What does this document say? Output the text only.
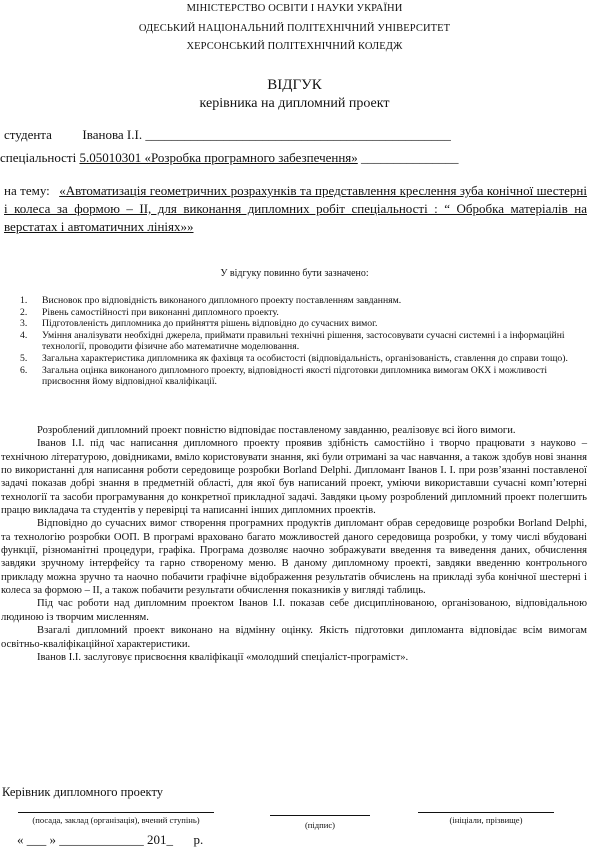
МІНІСТЕРСТВО ОСВІТИ І НАУКИ УКРАЇНИ
ОДЕСЬКИЙ НАЦІОНАЛЬНИЙ ПОЛІТЕХНІЧНИЙ УНІВЕРСИТЕТ
ХЕРСОНСЬКИЙ ПОЛІТЕХНІЧНИЙ КОЛЕДЖ
ВІДГУК
керівника на дипломний проект
студента Іванова І.І. _______________________________________________
спеціальності 5.05010301 «Розробка програмного забезпечення» _______________
на тему: «Автоматизація геометричних розрахунків та представлення креслення зуба конічної шестерні і колеса за формою – ІІ, для виконання дипломних робіт спеціальності : “ Обробка матеріалів на верстатах і автоматичних лініях»»
У відгуку повинно бути зазначено:
1. Висновок про відповідність виконаного дипломного проекту поставленням завданням.
2. Рівень самостійності при виконанні дипломного проекту.
3. Підготовленість дипломника до прийняття рішень відповідно до сучасних вимог.
4. Уміння аналізувати необхідні джерела, приймати правильні технічні рішення, застосовувати сучасні системні і а інформаційні технології, проводити фізичне або математичне моделювання.
5. Загальна характеристика дипломника як фахівця та особистості (відповідальність, організованість, ставлення до справи тощо).
6. Загальна оцінка виконаного дипломного проекту, відповідності якості підготовки дипломника вимогам ОКХ і можливості присвоєння йому відповідної кваліфікації.

Розроблений дипломний проект повністю відповідає поставленому завданню, реалізовує всі його вимоги.

Іванов І.І. під час написання дипломного проекту проявив здібність самостійно і творчо працювати з науково – технічною літературою, довідниками, вміло користовувати знання, які були отримані за час навчання, а також здобув нові знання по використанні для написання роботи середовище розробки Borland Delphi. Дипломант Іванов І. І. при розв’язанні поставленої задачі показав добрі знання в предметній області, для якої був написаний проект, уміючи використавши сучасні комп’ютерні технології та засоби програмування до конкретної прикладної задачі. Завдяки цьому розроблений дипломний проект полегшить працю викладача та студентів у перевірці та написанні інших дипломних проектів.

Відповідно до сучасних вимог створення програмних продуктів дипломант обрав середовище розробки Borland Delphi, та технологію розробки ООП. В програмі враховано багато можливостей даного середовища розробки, у тому числі вбудовані функції, різноманітні процедури, графіка. Програма дозволяє наочно зображувати введення та виведення даних, обчислення завдяки зручному інтерфейсу та гарно створеному меню. В даному дипломному проекті, завдяки введенню контрольного прикладу можна зручно та наочно побачити графічне відображення результатів обчислень на прикладі зуба конічної шестерні і колеса за формою – ІІ, а також побачити результати обчислення показників у вигляді таблиць.

Під час роботи над дипломним проектом Іванов І.І. показав себе дисциплінованою, організованою, відповідальною людиною із творчим мисленням.

Взагалі дипломний проект виконано на відмінну оцінку. Якість підготовки дипломанта відповідає всім вимогам освітньо-кваліфікаційної характеристики.

Іванов І.І. заслуговує присвоєння кваліфікації «молодший спеціаліст-програміст».

Керівник дипломного проекту
(посада, заклад (організація), вчений ступінь)	(підпис)	(ініціали, прізвище)
« ___ » _____________ 201_ р.
